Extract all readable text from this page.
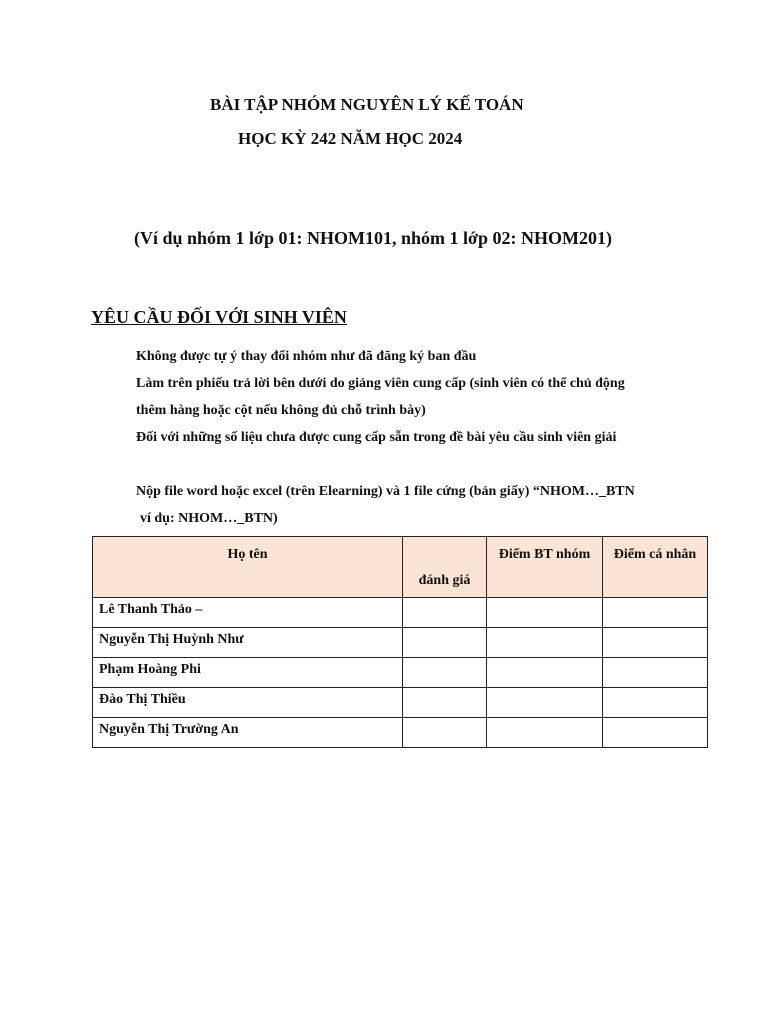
BÀI TẬP NHÓM NGUYÊN LÝ KẾ TOÁN
HỌC KỲ 242 NĂM HỌC 2024
(Ví dụ nhóm 1 lớp 01: NHOM101, nhóm 1 lớp 02: NHOM201)
YÊU CẦU ĐỐI VỚI SINH VIÊN
Không được tự ý thay đổi nhóm như đã đăng ký ban đầu
Làm trên phiếu trả lời bên dưới do giảng viên cung cấp (sinh viên có thể chủ động
thêm hàng hoặc cột nếu không đủ chỗ trình bày)
Đối với những số liệu chưa được cung cấp sẵn trong đề bài yêu cầu sinh viên giải
Nộp file word hoặc excel (trên Elearning) và 1 file cứng (bản giấy) “NHOM…_BTN
ví dụ: NHOM…_BTN)
Họ tên	đánh giá	Điểm BT nhóm	Điểm cá nhân
Lê Thanh Thảo –			
Nguyễn Thị Huỳnh Như			
Phạm Hoàng Phi			
Đào Thị Thiều			
Nguyễn Thị Trường An			
